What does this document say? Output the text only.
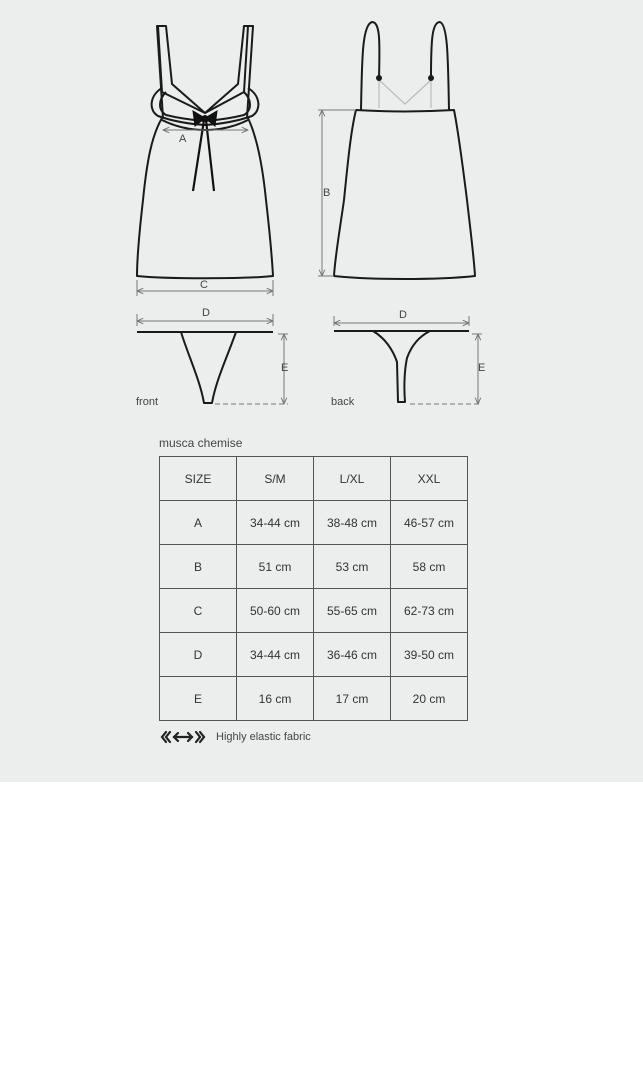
A
B
C
D	D
E	E
front	back
musca chemise
SIZE	S/M	L/XL	XXL
A	34-44 cm	38-48 cm	46-57 cm
B	51 cm	53 cm	58 cm
C	50-60 cm	55-65 cm	62-73 cm
D	34-44 cm	36-46 cm	39-50 cm
E	16 cm	17 cm	20 cm
Highly elastic fabric
